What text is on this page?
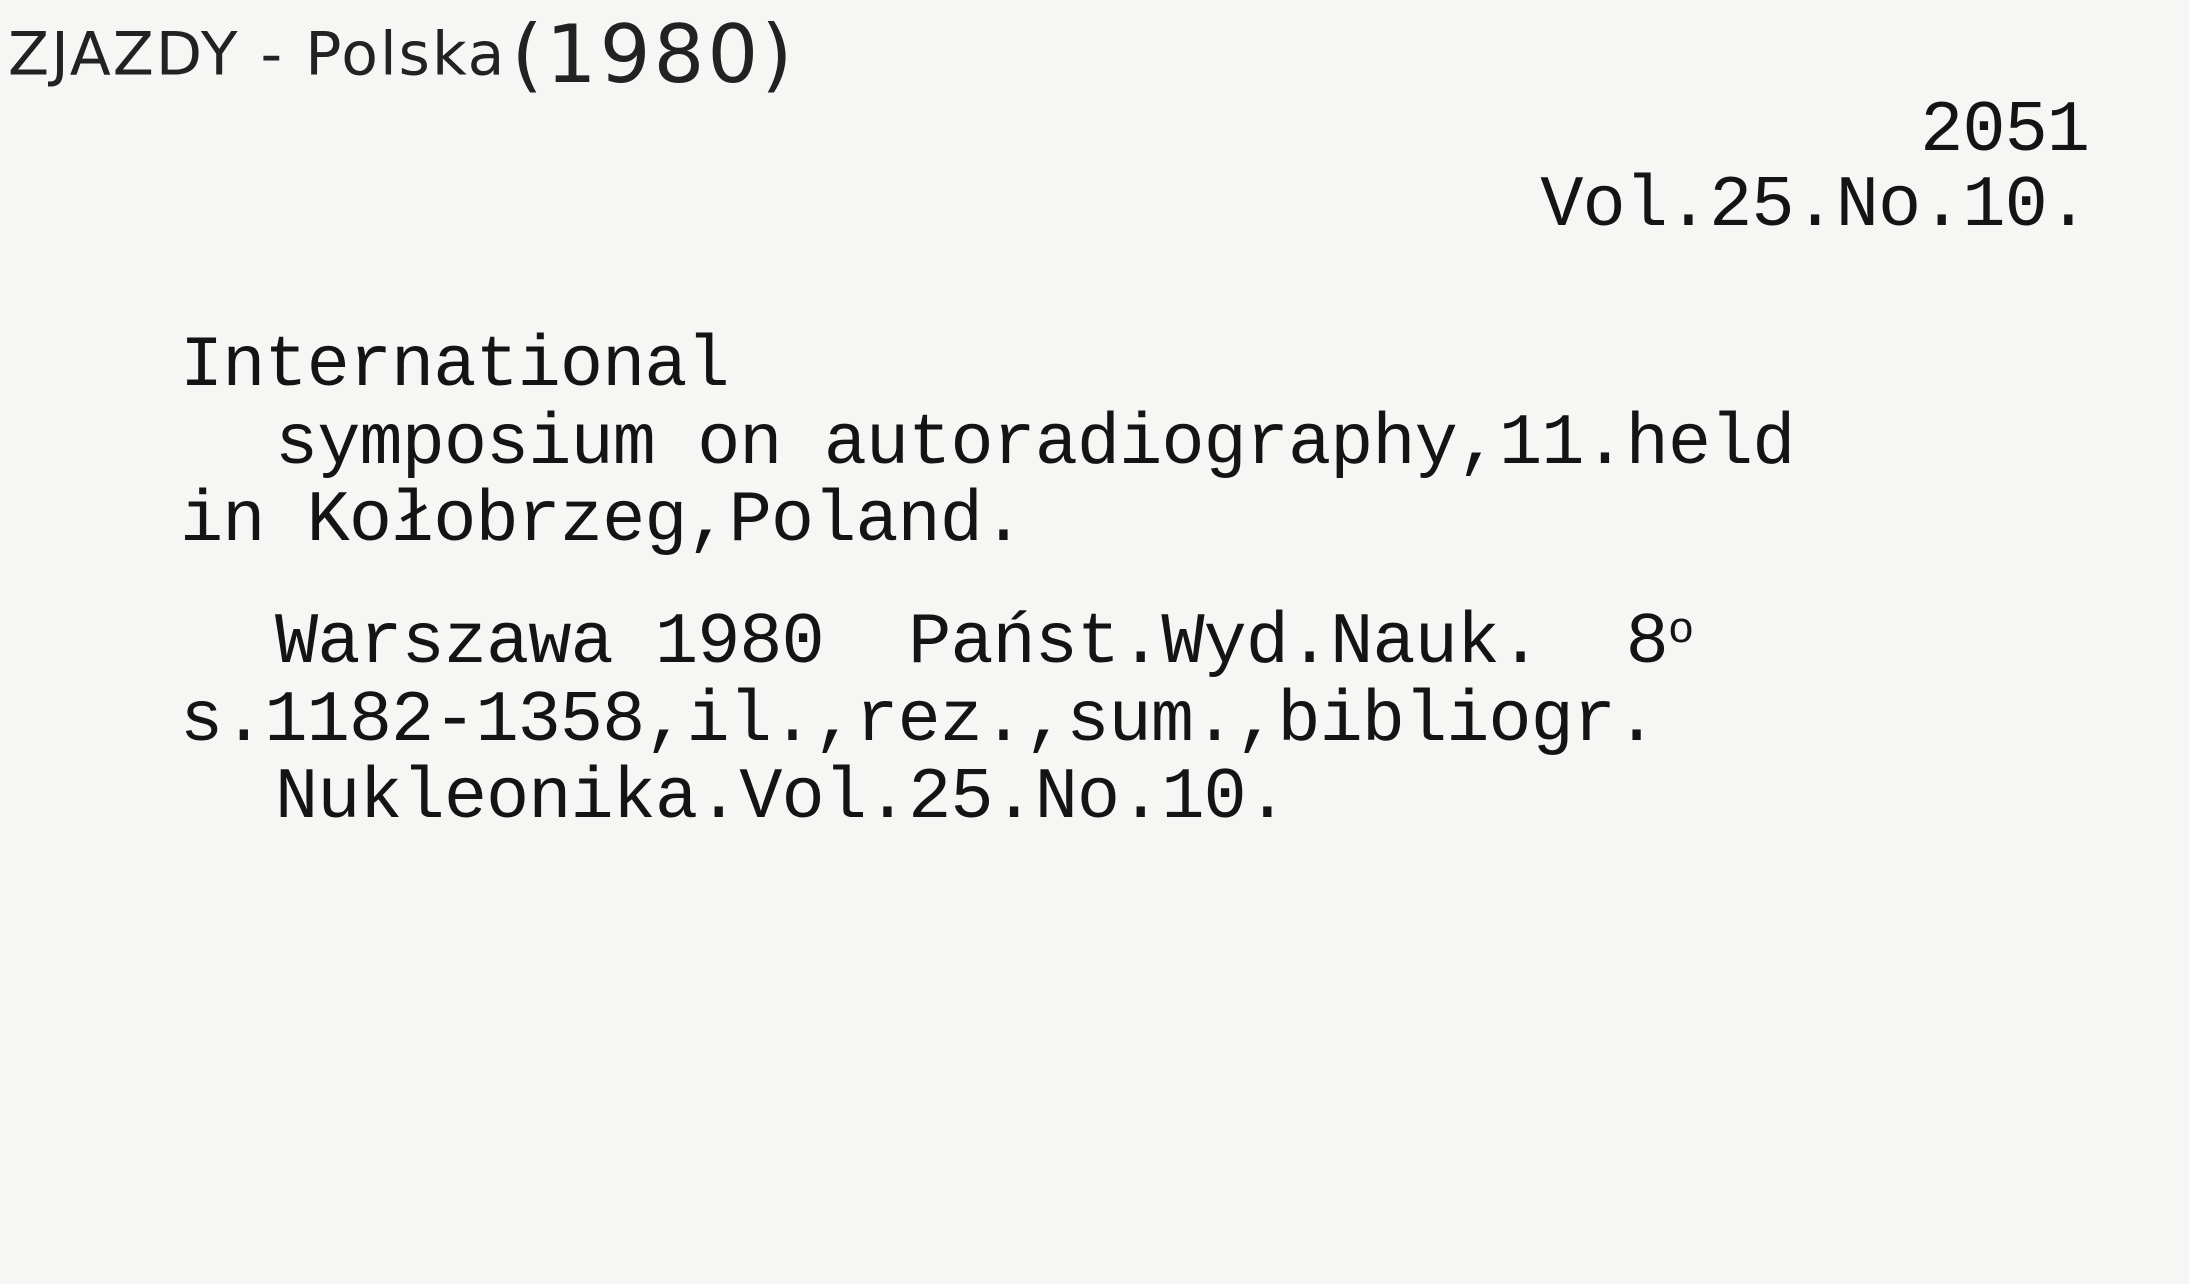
ZJAZDY - Polska (1980)
2051
Vol.25.No.10.
International
symposium on autoradiography,11.held
in Kołobrzeg,Poland.
Warszawa 1980  Państ.Wyd.Nauk.  8$^o$
s.1182-1358,il.,rez.,sum.,bibliogr.
Nukleonika.Vol.25.No.10.
